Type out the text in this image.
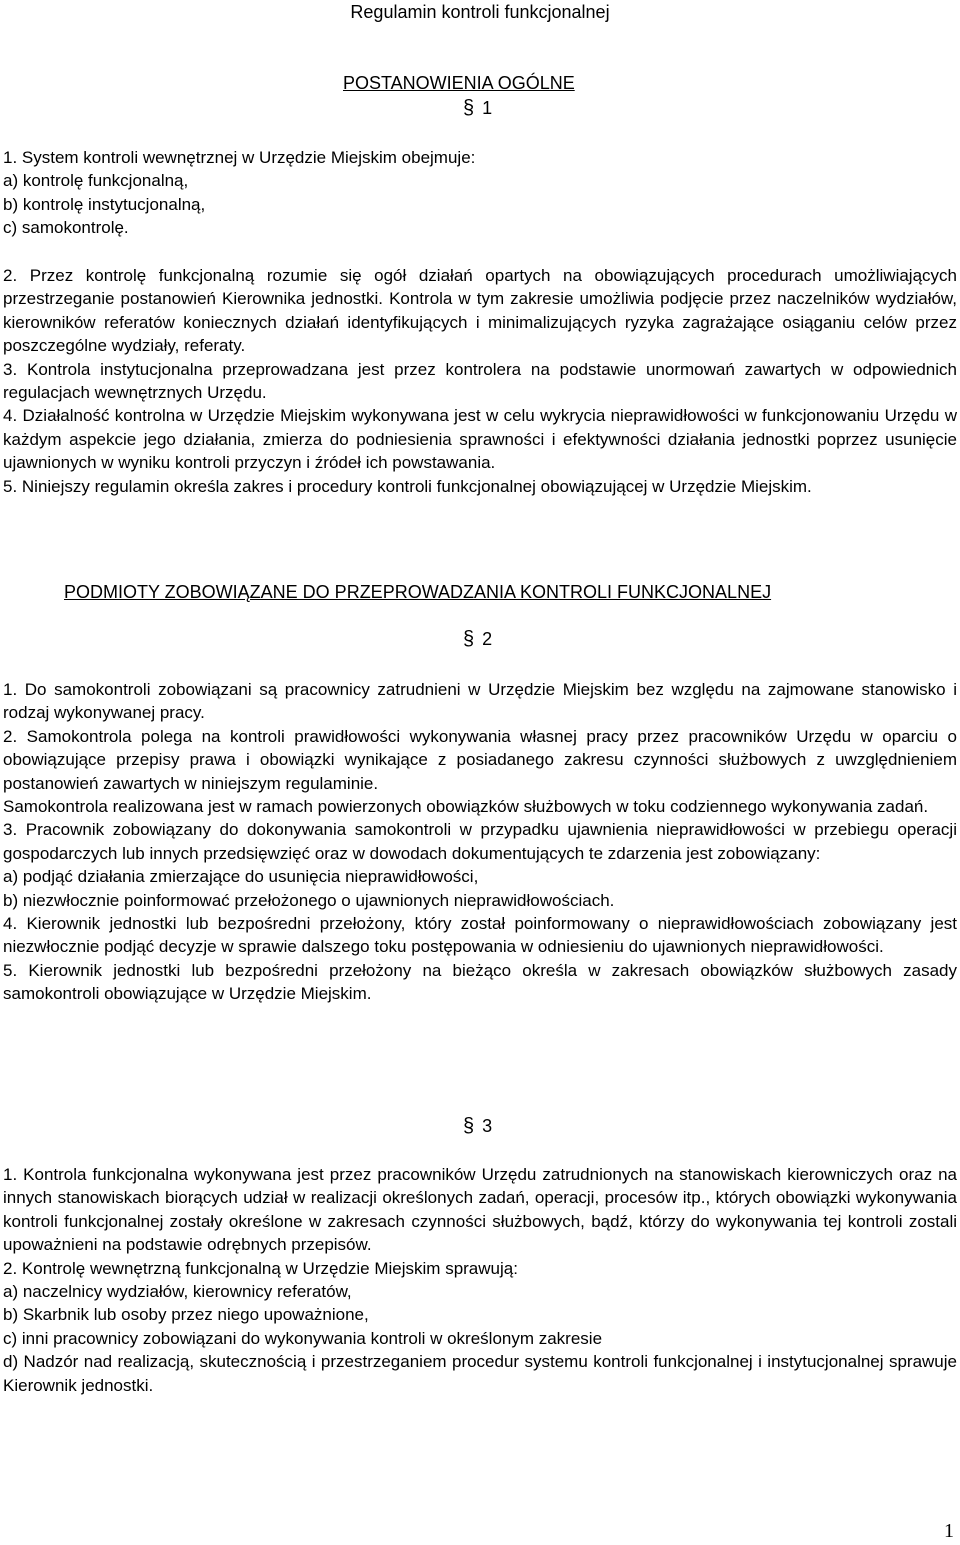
Regulamin kontroli funkcjonalnej
POSTANOWIENIA OGÓLNE
§ 1

1. System kontroli wewnętrznej w Urzędzie Miejskim obejmuje:

a) kontrolę funkcjonalną,

b) kontrolę instytucjonalną,

c) samokontrolę.

2. Przez kontrolę funkcjonalną rozumie się ogół działań opartych na obowiązujących procedurach umożliwiających przestrzeganie postanowień Kierownika jednostki. Kontrola w tym zakresie umożliwia podjęcie przez naczelników wydziałów, kierowników referatów koniecznych działań identyfikujących i minimalizujących ryzyka zagrażające osiąganiu celów przez poszczególne wydziały, referaty.

3. Kontrola instytucjonalna przeprowadzana jest przez kontrolera na podstawie unormowań zawartych w odpowiednich regulacjach wewnętrznych Urzędu.

4. Działalność kontrolna w Urzędzie Miejskim wykonywana jest w celu wykrycia nieprawidłowości w funkcjonowaniu Urzędu w każdym aspekcie jego działania, zmierza do podniesienia sprawności i efektywności działania jednostki poprzez usunięcie ujawnionych w wyniku kontroli przyczyn i źródeł ich powstawania.

5. Niniejszy regulamin określa zakres i procedury kontroli funkcjonalnej obowiązującej w Urzędzie Miejskim.

PODMIOTY ZOBOWIĄZANE DO PRZEPROWADZANIA KONTROLI FUNKCJONALNEJ
§ 2

1. Do samokontroli zobowiązani są pracownicy zatrudnieni w Urzędzie Miejskim bez względu na zajmowane stanowisko i rodzaj wykonywanej pracy.

2. Samokontrola polega na kontroli prawidłowości wykonywania własnej pracy przez pracowników Urzędu w oparciu o obowiązujące przepisy prawa i obowiązki wynikające z posiadanego zakresu czynności służbowych z uwzględnieniem postanowień zawartych w niniejszym regulaminie.

Samokontrola realizowana jest w ramach powierzonych obowiązków służbowych w toku codziennego wykonywania zadań.

3. Pracownik zobowiązany do dokonywania samokontroli w przypadku ujawnienia nieprawidłowości w przebiegu operacji gospodarczych lub innych przedsięwzięć oraz w dowodach dokumentujących te zdarzenia jest zobowiązany:

a) podjąć działania zmierzające do usunięcia nieprawidłowości,

b) niezwłocznie poinformować przełożonego o ujawnionych nieprawidłowościach.

4. Kierownik jednostki lub bezpośredni przełożony, który został poinformowany o nieprawidłowościach zobowiązany jest niezwłocznie podjąć decyzje w sprawie dalszego toku postępowania w odniesieniu do ujawnionych nieprawidłowości.

5. Kierownik jednostki lub bezpośredni przełożony na bieżąco określa w zakresach obowiązków służbowych zasady samokontroli obowiązujące w Urzędzie Miejskim.

§ 3

1. Kontrola funkcjonalna wykonywana jest przez pracowników Urzędu zatrudnionych na stanowiskach kierowniczych oraz na innych stanowiskach biorących udział w realizacji określonych zadań, operacji, procesów itp., których obowiązki wykonywania kontroli funkcjonalnej zostały określone w zakresach czynności służbowych, bądź, którzy do wykonywania tej kontroli zostali upoważnieni na podstawie odrębnych przepisów.

2. Kontrolę wewnętrzną funkcjonalną w Urzędzie Miejskim sprawują:

a) naczelnicy wydziałów, kierownicy referatów,

b) Skarbnik lub osoby przez niego upoważnione,

c) inni pracownicy zobowiązani do wykonywania kontroli w określonym zakresie

d) Nadzór nad realizacją, skutecznością i przestrzeganiem procedur systemu kontroli funkcjonalnej i instytucjonalnej sprawuje Kierownik jednostki.

1
